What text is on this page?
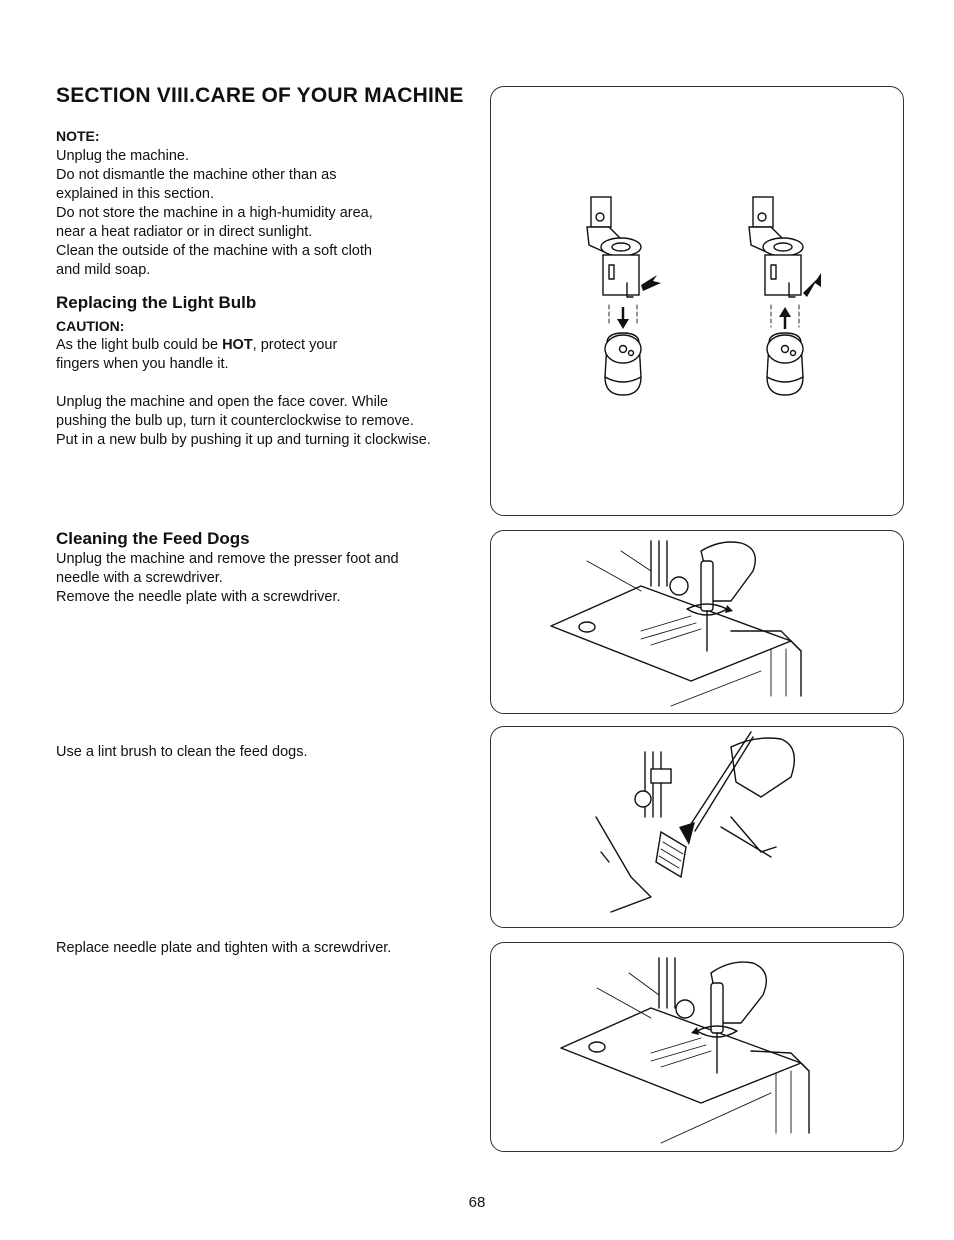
SECTION VIII.CARE OF YOUR MACHINE
NOTE:

Unplug the machine.

Do not dismantle the machine other than as

explained in this section.

Do not store the machine in a high-humidity area,

near a heat radiator or in direct sunlight.

Clean the outside of the machine with a soft cloth

and mild soap.

Replacing the Light Bulb
CAUTION:

As the light bulb could be HOT, protect your

fingers when you handle it.

Unplug the machine and open the face cover. While

pushing the bulb up, turn it counterclockwise to remove.

Put in a new bulb by pushing it up and turning it clockwise.

Cleaning the Feed Dogs

Unplug the machine and remove the presser foot and

needle with a screwdriver.

Remove the needle plate with a screwdriver.

Use a lint brush to clean the feed dogs.
Replace needle plate and tighten with a screwdriver.
68
